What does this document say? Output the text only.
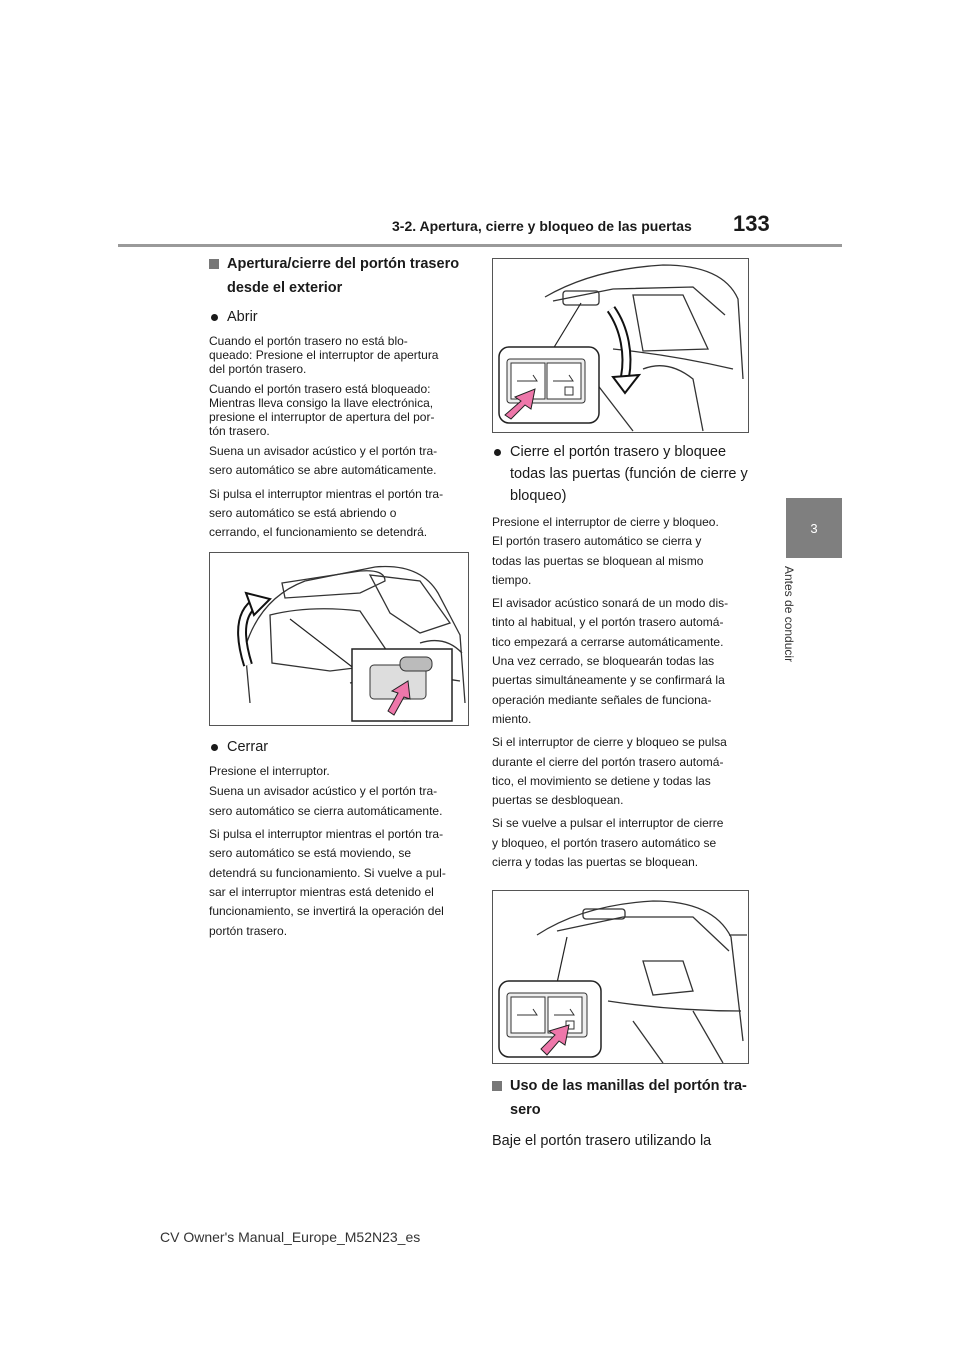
3-2. Apertura, cierre y bloqueo de las puertas 133
3
Antes de conducir
Apertura/cierre del portón trasero
desde el exterior
Abrir

Cuando el portón trasero no está blo-
queado: Presione el interruptor de apertura
del portón trasero.

Cuando el portón trasero está bloqueado:
Mientras lleva consigo la llave electrónica,
presione el interruptor de apertura del por-
tón trasero.

Suena un avisador acústico y el portón tra-
sero automático se abre automáticamente.

Si pulsa el interruptor mientras el portón tra-
sero automático se está abriendo o
cerrando, el funcionamiento se detendrá.

Cerrar

Presione el interruptor.

Suena un avisador acústico y el portón tra-
sero automático se cierra automáticamente.

Si pulsa el interruptor mientras el portón tra-
sero automático se está moviendo, se
detendrá su funcionamiento. Si vuelve a pul-
sar el interruptor mientras está detenido el
funcionamiento, se invertirá la operación del
portón trasero.

Cierre el portón trasero y bloquee
todas las puertas (función de cierre y
bloqueo)

Presione el interruptor de cierre y bloqueo.
El portón trasero automático se cierra y
todas las puertas se bloquean al mismo
tiempo.

El avisador acústico sonará de un modo dis-
tinto al habitual, y el portón trasero automá-
tico empezará a cerrarse automáticamente.
Una vez cerrado, se bloquearán todas las
puertas simultáneamente y se confirmará la
operación mediante señales de funciona-
miento.

Si el interruptor de cierre y bloqueo se pulsa
durante el cierre del portón trasero automá-
tico, el movimiento se detiene y todas las
puertas se desbloquean.

Si se vuelve a pulsar el interruptor de cierre
y bloqueo, el portón trasero automático se
cierra y todas las puertas se bloquean.

Uso de las manillas del portón tra-
sero
Baje el portón trasero utilizando la
CV Owner's Manual_Europe_M52N23_es
